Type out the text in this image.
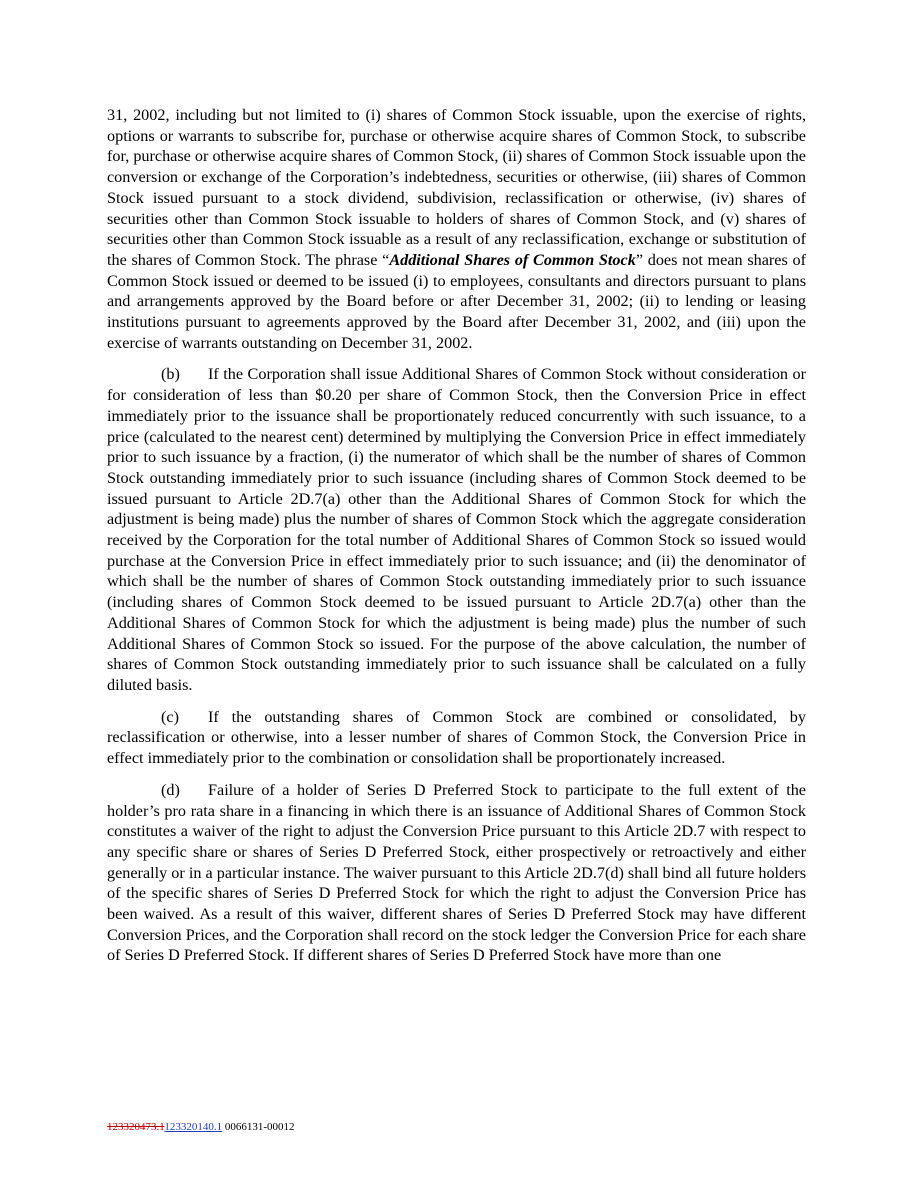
31, 2002, including but not limited to (i) shares of Common Stock issuable, upon the exercise of rights, options or warrants to subscribe for, purchase or otherwise acquire shares of Common Stock, to subscribe for, purchase or otherwise acquire shares of Common Stock, (ii) shares of Common Stock issuable upon the conversion or exchange of the Corporation’s indebtedness, securities or otherwise, (iii) shares of Common Stock issued pursuant to a stock dividend, subdivision, reclassification or otherwise, (iv) shares of securities other than Common Stock issuable to holders of shares of Common Stock, and (v) shares of securities other than Common Stock issuable as a result of any reclassification, exchange or substitution of the shares of Common Stock. The phrase “Additional Shares of Common Stock” does not mean shares of Common Stock issued or deemed to be issued (i) to employees, consultants and directors pursuant to plans and arrangements approved by the Board before or after December 31, 2002; (ii) to lending or leasing institutions pursuant to agreements approved by the Board after December 31, 2002, and (iii) upon the exercise of warrants outstanding on December 31, 2002.

(b) If the Corporation shall issue Additional Shares of Common Stock without consideration or for consideration of less than $0.20 per share of Common Stock, then the Conversion Price in effect immediately prior to the issuance shall be proportionately reduced concurrently with such issuance, to a price (calculated to the nearest cent) determined by multiplying the Conversion Price in effect immediately prior to such issuance by a fraction, (i) the numerator of which shall be the number of shares of Common Stock outstanding immediately prior to such issuance (including shares of Common Stock deemed to be issued pursuant to Article 2D.7(a) other than the Additional Shares of Common Stock for which the adjustment is being made) plus the number of shares of Common Stock which the aggregate consideration received by the Corporation for the total number of Additional Shares of Common Stock so issued would purchase at the Conversion Price in effect immediately prior to such issuance; and (ii) the denominator of which shall be the number of shares of Common Stock outstanding immediately prior to such issuance (including shares of Common Stock deemed to be issued pursuant to Article 2D.7(a) other than the Additional Shares of Common Stock for which the adjustment is being made) plus the number of such Additional Shares of Common Stock so issued. For the purpose of the above calculation, the number of shares of Common Stock outstanding immediately prior to such issuance shall be calculated on a fully diluted basis.

(c) If the outstanding shares of Common Stock are combined or consolidated, by reclassification or otherwise, into a lesser number of shares of Common Stock, the Conversion Price in effect immediately prior to the combination or consolidation shall be proportionately increased.

(d) Failure of a holder of Series D Preferred Stock to participate to the full extent of the holder’s pro rata share in a financing in which there is an issuance of Additional Shares of Common Stock constitutes a waiver of the right to adjust the Conversion Price pursuant to this Article 2D.7 with respect to any specific share or shares of Series D Preferred Stock, either prospectively or retroactively and either generally or in a particular instance. The waiver pursuant to this Article 2D.7(d) shall bind all future holders of the specific shares of Series D Preferred Stock for which the right to adjust the Conversion Price has been waived. As a result of this waiver, different shares of Series D Preferred Stock may have different Conversion Prices, and the Corporation shall record on the stock ledger the Conversion Price for each share of Series D Preferred Stock. If different shares of Series D Preferred Stock have more than one

123320473.1123320140.1 0066131-00012
